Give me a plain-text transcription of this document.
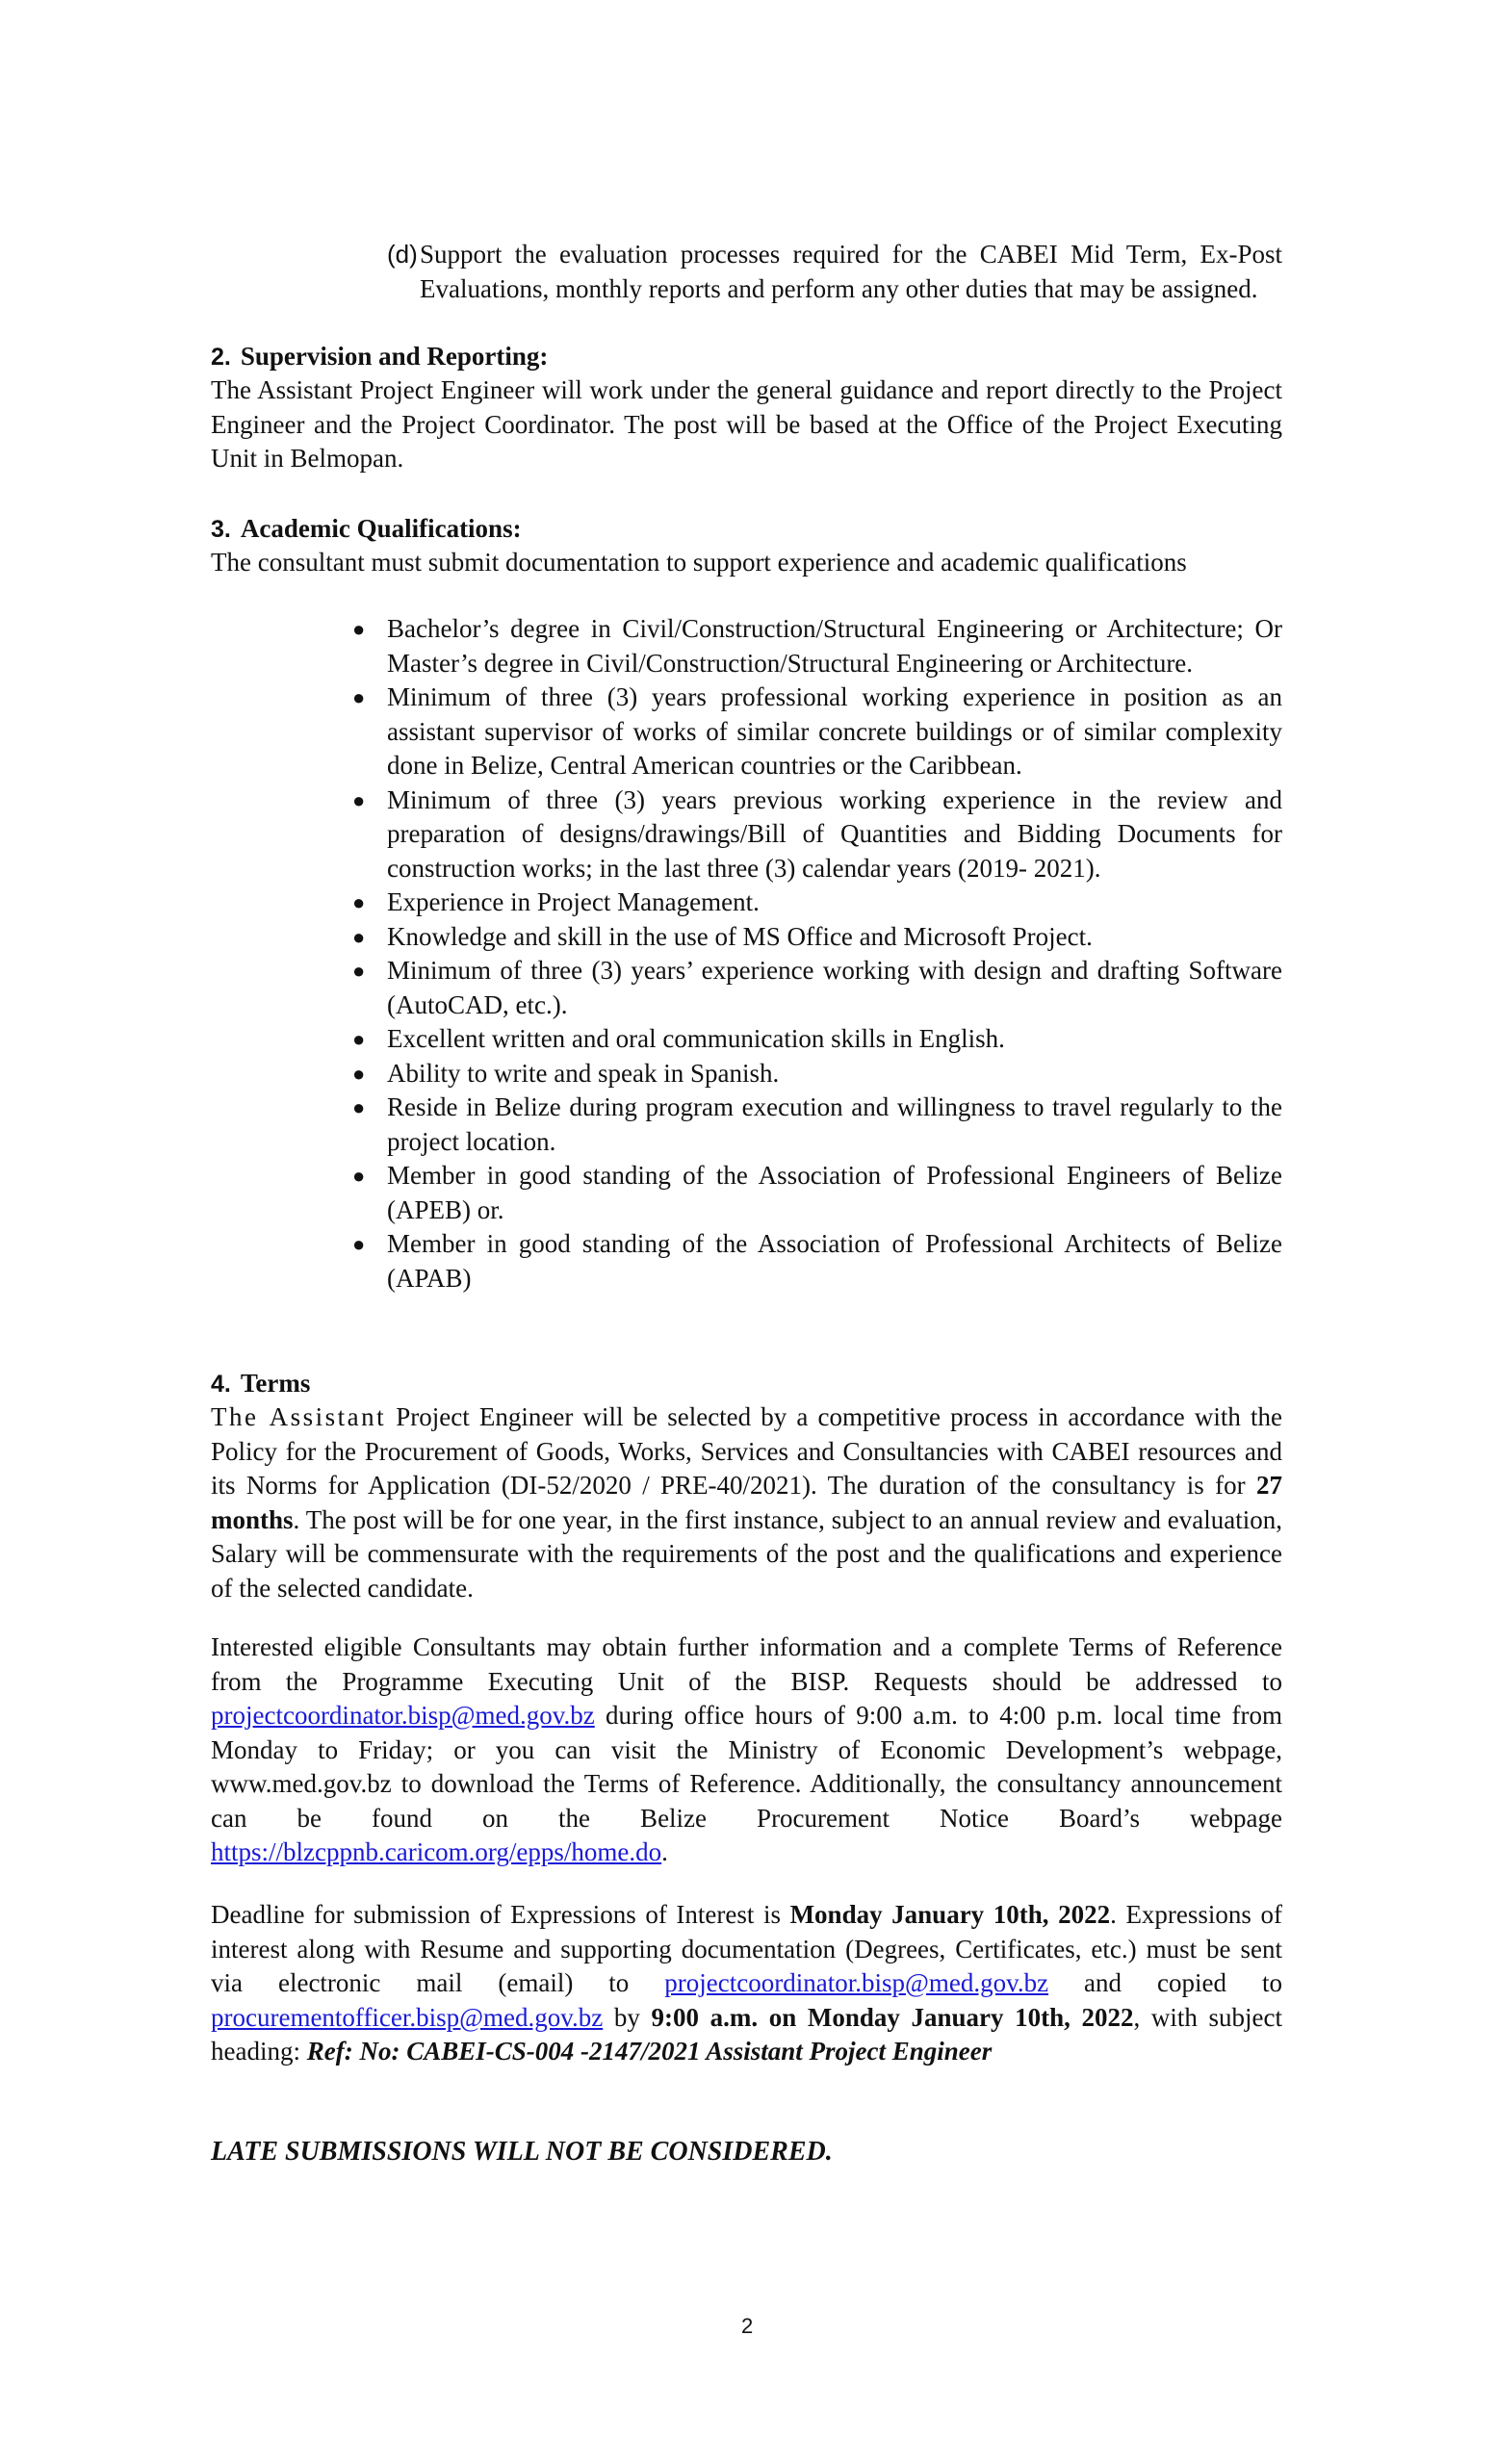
(d) Support the evaluation processes required for the CABEI Mid Term, Ex-Post Evaluations, monthly reports and perform any other duties that may be assigned.
2. Supervision and Reporting:
The Assistant Project Engineer will work under the general guidance and report directly to the Project Engineer and the Project Coordinator. The post will be based at the Office of the Project Executing Unit in Belmopan.
3. Academic Qualifications:
The consultant must submit documentation to support experience and academic qualifications
● Bachelor’s degree in Civil/Construction/Structural Engineering or Architecture; Or Master’s degree in Civil/Construction/Structural Engineering or Architecture.
● Minimum of three (3) years professional working experience in position as an assistant supervisor of works of similar concrete buildings or of similar complexity done in Belize, Central American countries or the Caribbean.
● Minimum of three (3) years previous working experience in the review and preparation of designs/drawings/Bill of Quantities and Bidding Documents for construction works; in the last three (3) calendar years (2019- 2021).
● Experience in Project Management.
● Knowledge and skill in the use of MS Office and Microsoft Project.
● Minimum of three (3) years’ experience working with design and drafting Software (AutoCAD, etc.).
● Excellent written and oral communication skills in English.
● Ability to write and speak in Spanish.
● Reside in Belize during program execution and willingness to travel regularly to the project location.
● Member in good standing of the Association of Professional Engineers of Belize (APEB) or.
● Member in good standing of the Association of Professional Architects of Belize (APAB)
4. Terms
The Assistant Project Engineer will be selected by a competitive process in accordance with the Policy for the Procurement of Goods, Works, Services and Consultancies with CABEI resources and its Norms for Application (DI-52/2020 / PRE-40/2021). The duration of the consultancy is for 27 months. The post will be for one year, in the first instance, subject to an annual review and evaluation, Salary will be commensurate with the requirements of the post and the qualifications and experience of the selected candidate.
Interested eligible Consultants may obtain further information and a complete Terms of Reference from the Programme Executing Unit of the BISP. Requests should be addressed to projectcoordinator.bisp@med.gov.bz during office hours of 9:00 a.m. to 4:00 p.m. local time from Monday to Friday; or you can visit the Ministry of Economic Development’s webpage, www.med.gov.bz to download the Terms of Reference. Additionally, the consultancy announcement can be found on the Belize Procurement Notice Board’s webpage https://blzcppnb.caricom.org/epps/home.do.
Deadline for submission of Expressions of Interest is Monday January 10th, 2022. Expressions of interest along with Resume and supporting documentation (Degrees, Certificates, etc.) must be sent via electronic mail (email) to projectcoordinator.bisp@med.gov.bz and copied to procurementofficer.bisp@med.gov.bz by 9:00 a.m. on Monday January 10th, 2022, with subject heading: Ref: No: CABEI-CS-004 -2147/2021 Assistant Project Engineer
LATE SUBMISSIONS WILL NOT BE CONSIDERED.
2
